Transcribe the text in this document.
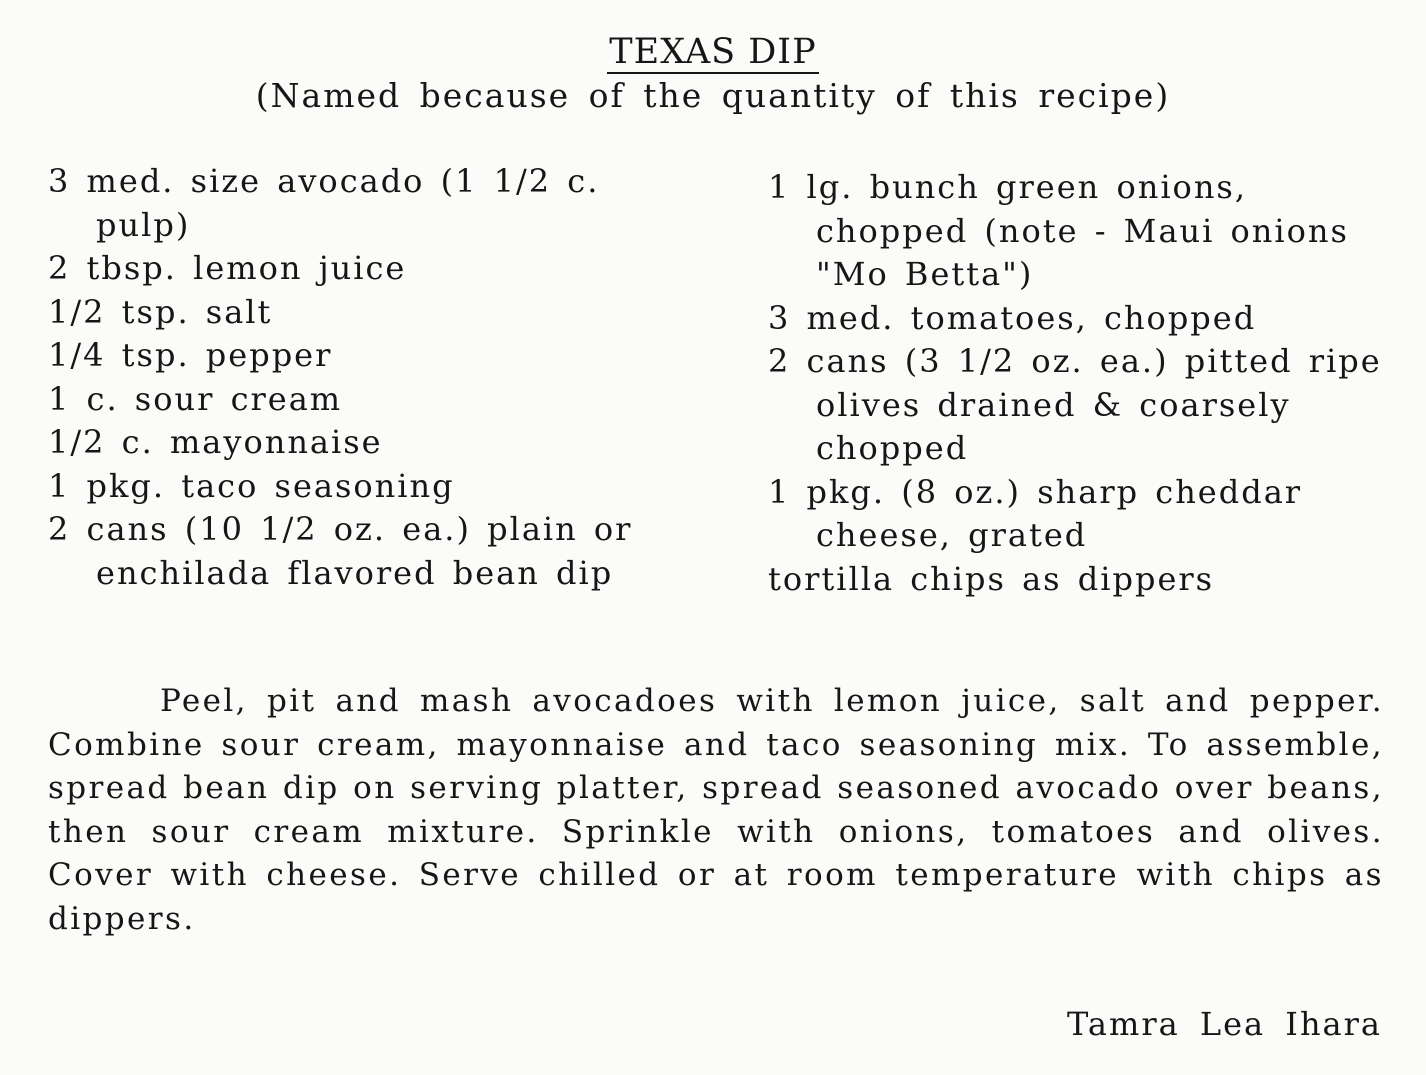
TEXAS DIP
(Named because of the quantity of this recipe)
3 med. size avocado (1 1/2 c. pulp)
2 tbsp. lemon juice
1/2 tsp. salt
1/4 tsp. pepper
1 c. sour cream
1/2 c. mayonnaise
1 pkg. taco seasoning
2 cans (10 1/2 oz. ea.) plain or enchilada flavored bean dip
1 lg. bunch green onions, chopped (note - Maui onions "Mo Betta")
3 med. tomatoes, chopped
2 cans (3 1/2 oz. ea.) pitted ripe olives drained & coarsely chopped
1 pkg. (8 oz.) sharp cheddar cheese, grated
tortilla chips as dippers

Peel, pit and mash avocadoes with lemon juice, salt and pepper. Combine sour cream, mayonnaise and taco seasoning mix. To assemble, spread bean dip on serving platter, spread seasoned avocado over beans, then sour cream mixture. Sprinkle with onions, tomatoes and olives. Cover with cheese. Serve chilled or at room temperature with chips as dippers.

Tamra Lea Ihara
